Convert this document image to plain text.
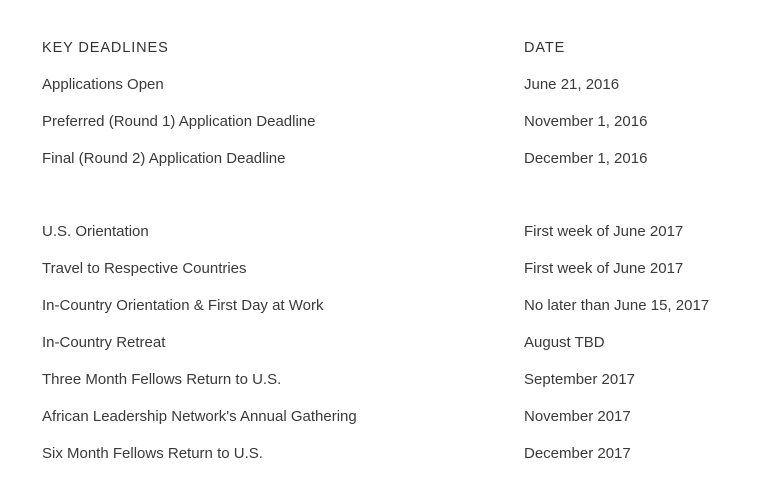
KEY DEADLINES	DATE
Applications Open	June 21, 2016
Preferred (Round 1) Application Deadline	November 1, 2016
Final (Round 2) Application Deadline	December 1, 2016
U.S. Orientation	First week of June 2017
Travel to Respective Countries	First week of June 2017
In-Country Orientation & First Day at Work	No later than June 15, 2017
In-Country Retreat	August TBD
Three Month Fellows Return to U.S.	September 2017
African Leadership Network's Annual Gathering	November 2017
Six Month Fellows Return to U.S.	December 2017
